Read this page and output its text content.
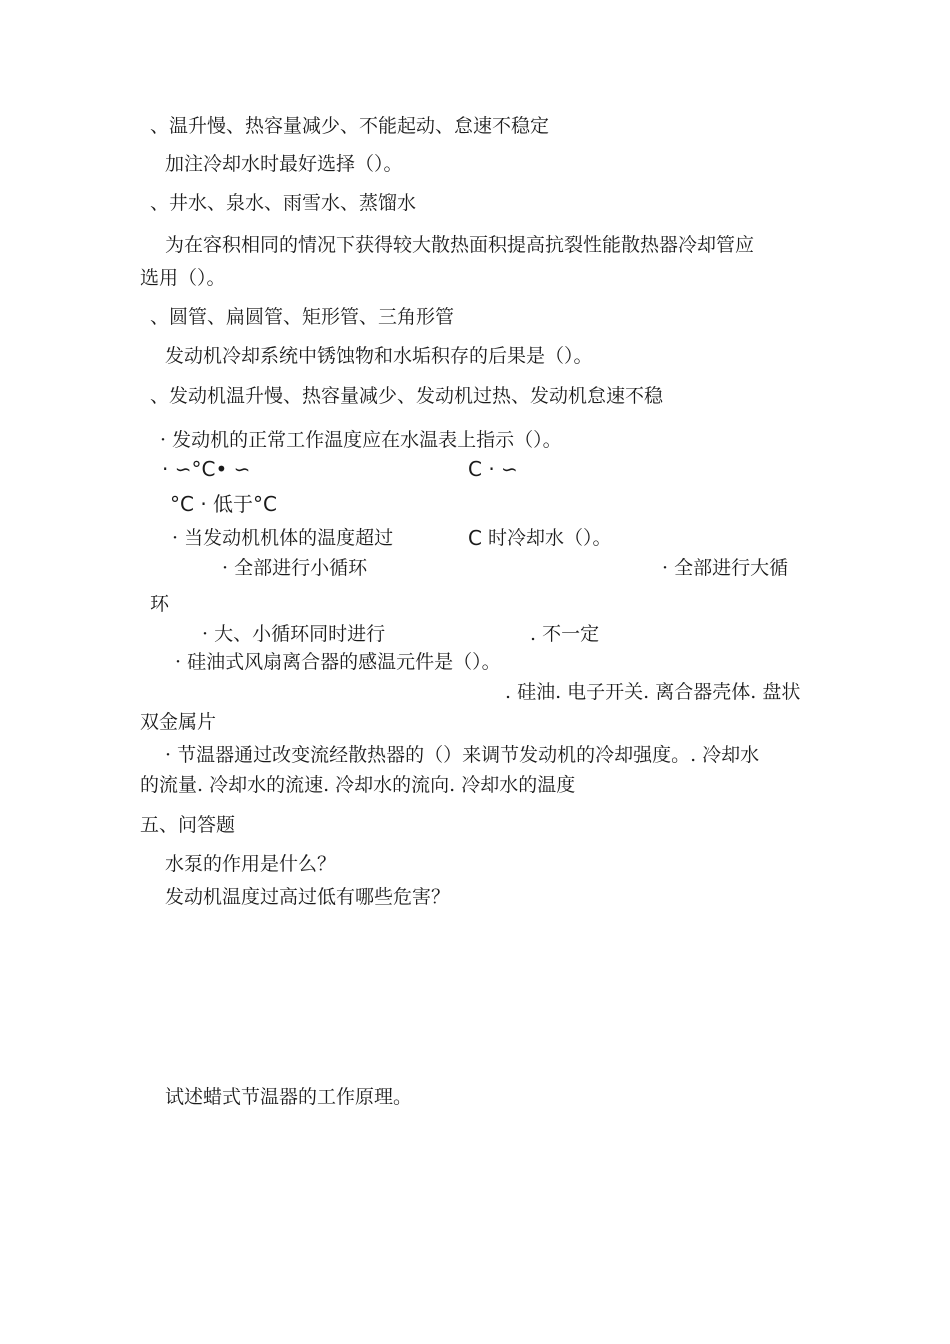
、温升慢、热容量减少、不能起动、怠速不稳定
加注冷却水时最好选择（）。
、井水、泉水、雨雪水、蒸馏水
为在容积相同的情况下获得较大散热面积提高抗裂性能散热器冷却管应
选用（）。
、圆管、扁圆管、矩形管、三角形管
发动机冷却系统中锈蚀物和水垢积存的后果是（）。
、发动机温升慢、热容量减少、发动机过热、发动机怠速不稳
· 发动机的正常工作温度应在水温表上指示（）。
· ∽°C• ∽	C · ∽
°C · 低于°C
· 当发动机机体的温度超过	C 时冷却水（）。
· 全部进行小循环	· 全部进行大循
环
· 大、小循环同时进行	. 不一定
· 硅油式风扇离合器的感温元件是（）。
. 硅油. 电子开关. 离合器壳体. 盘状
双金属片
· 节温器通过改变流经散热器的（）来调节发动机的冷却强度。. 冷却水
的流量. 冷却水的流速. 冷却水的流向. 冷却水的温度
五、问答题
水泵的作用是什么？
发动机温度过高过低有哪些危害？
试述蜡式节温器的工作原理。
